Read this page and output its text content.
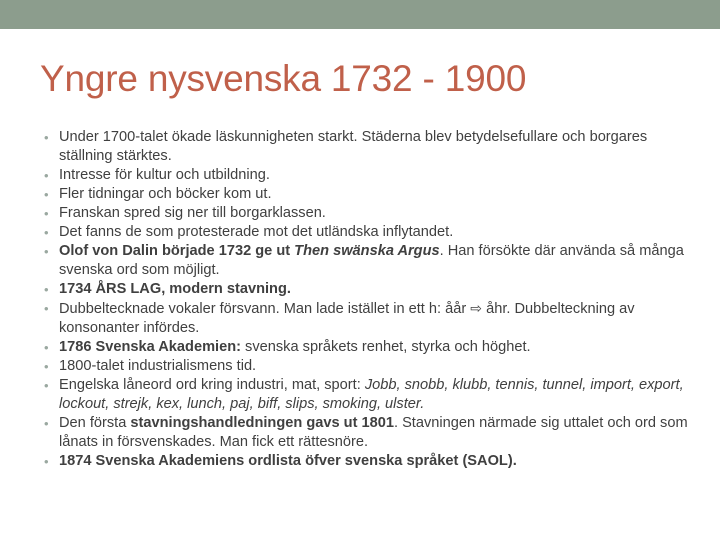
Yngre nysvenska 1732 - 1900
• Under 1700-talet ökade läskunnigheten starkt. Städerna blev betydelsefullare och borgares ställning stärktes.
• Intresse för kultur och utbildning.
• Fler tidningar och böcker kom ut.
• Franskan spred sig ner till borgarklassen.
• Det fanns de som protesterade mot det utländska inflytandet.
• Olof von Dalin började 1732 ge ut Then swänska Argus. Han försökte där använda så många svenska ord som möjligt.
• 1734 ÅRS LAG, modern stavning.
• Dubbeltecknade vokaler försvann. Man lade istället in ett h: åår ⇨ åhr. Dubbelteckning av konsonanter infördes.
• 1786 Svenska Akademien: svenska språkets renhet, styrka och höghet.
• 1800-talet industrialismens tid.
• Engelska låneord ord kring industri, mat, sport: Jobb, snobb, klubb, tennis, tunnel, import, export, lockout, strejk, kex, lunch, paj, biff, slips, smoking, ulster.
• Den första stavningshandledningen gavs ut 1801. Stavningen närmade sig uttalet och ord som lånats in försvenskades. Man fick ett rättesnöre.
• 1874 Svenska Akademiens ordlista öfver svenska språket (SAOL).
